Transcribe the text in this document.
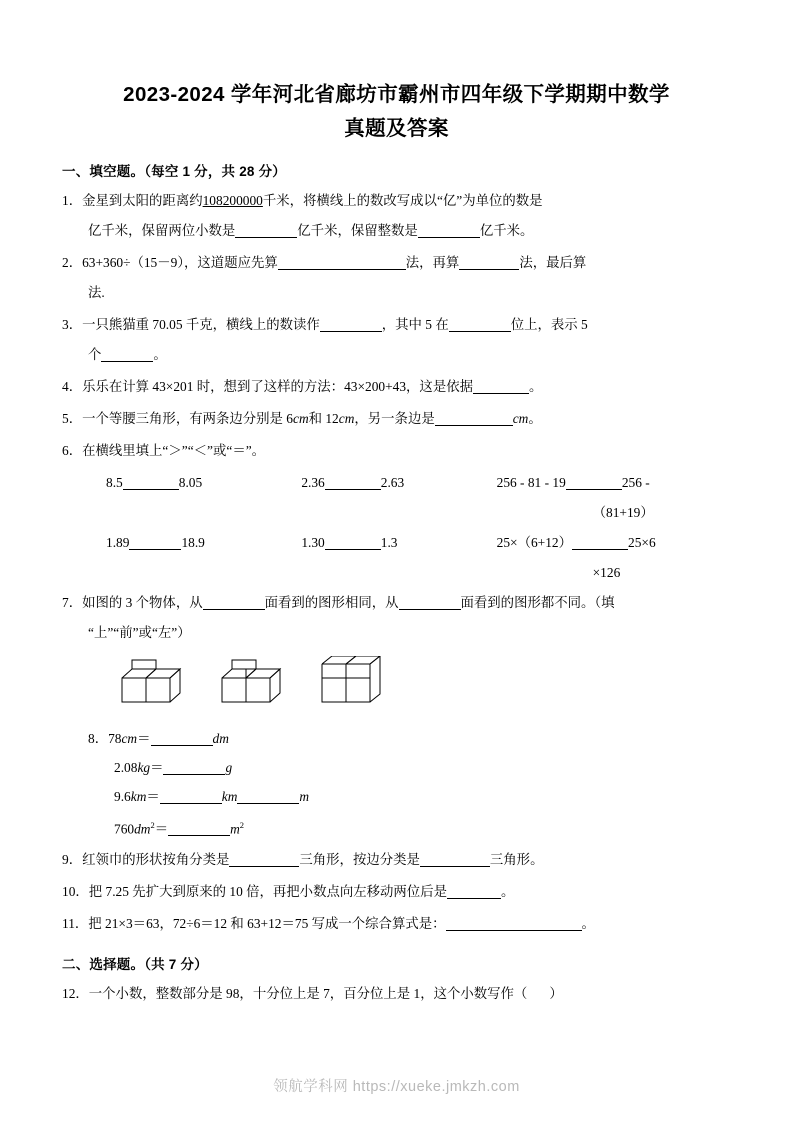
2023-2024 学年河北省廊坊市霸州市四年级下学期期中数学
真题及答案
一、填空题。（每空 1 分，共 28 分）
1．金星到太阳的距离约108200000千米，将横线上的数改写成以“亿”为单位的数是
亿千米，保留两位小数是	亿千米，保留整数是	亿千米。
2．63+360÷（15－9），这道题应先算	法，再算	法，最后算
法.
3．一只熊猫重 70.05 千克，横线上的数读作	，其中 5 在	位上，表示 5
个	。
4．乐乐在计算 43×201 时，想到了这样的方法：43×200+43，这是依据	。
5．一个等腰三角形，有两条边分别是 6cm和 12cm，另一条边是	cm。
6．在横线里填上“＞”“＜”或“＝”。
8.5	8.05	2.36	2.63	256 - 81 - 19	256 -
（81+19）
1.89	18.9	1.30	1.3	25×（6+12）	25×6
×126
7．如图的 3 个物体，从	面看到的图形相同，从	面看到的图形都不同。（填
“上”“前”或“左”）
8．78cm＝	dm
2.08kg＝	g
9.6km＝	km	m
$760dm^2=$	$m^2$
9．红领巾的形状按角分类是	三角形，按边分类是	三角形。
10．把 7.25 先扩大到原来的 10 倍，再把小数点向左移动两位后是	。
11．把 21×3＝63，72÷6＝12 和 63+12＝75 写成一个综合算式是：	。
二、选择题。（共 7 分）
12．一个小数，整数部分是 98，十分位上是 7，百分位上是 1，这个小数写作（ ）
领航学科网 https://xueke.jmkzh.com
